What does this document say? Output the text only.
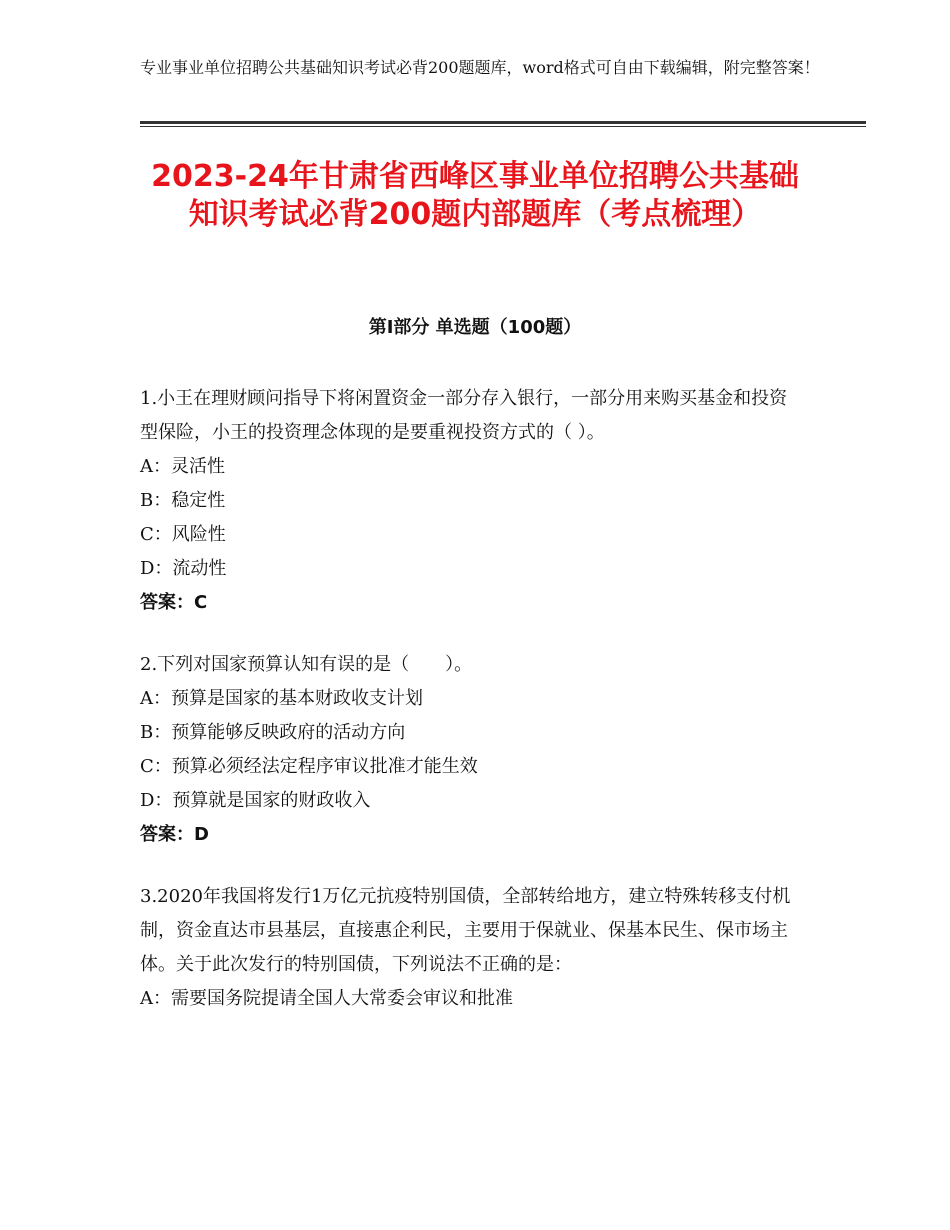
专业事业单位招聘公共基础知识考试必背200题题库，word格式可自由下载编辑，附完整答案！
2023-24年甘肃省西峰区事业单位招聘公共基础知识考试必背200题内部题库（考点梳理）
第Ⅰ部分 单选题（100题）

1.小王在理财顾问指导下将闲置资金一部分存入银行，一部分用来购买基金和投资型保险，小王的投资理念体现的是要重视投资方式的（ ）。

A：灵活性

B：稳定性

C：风险性

D：流动性

答案：C

2.下列对国家预算认知有误的是（　　）。

A：预算是国家的基本财政收支计划

B：预算能够反映政府的活动方向

C：预算必须经法定程序审议批准才能生效

D：预算就是国家的财政收入

答案：D

3.2020年我国将发行1万亿元抗疫特别国债，全部转给地方，建立特殊转移支付机制，资金直达市县基层，直接惠企利民，主要用于保就业、保基本民生、保市场主体。关于此次发行的特别国债，下列说法不正确的是：

A：需要国务院提请全国人大常委会审议和批准
